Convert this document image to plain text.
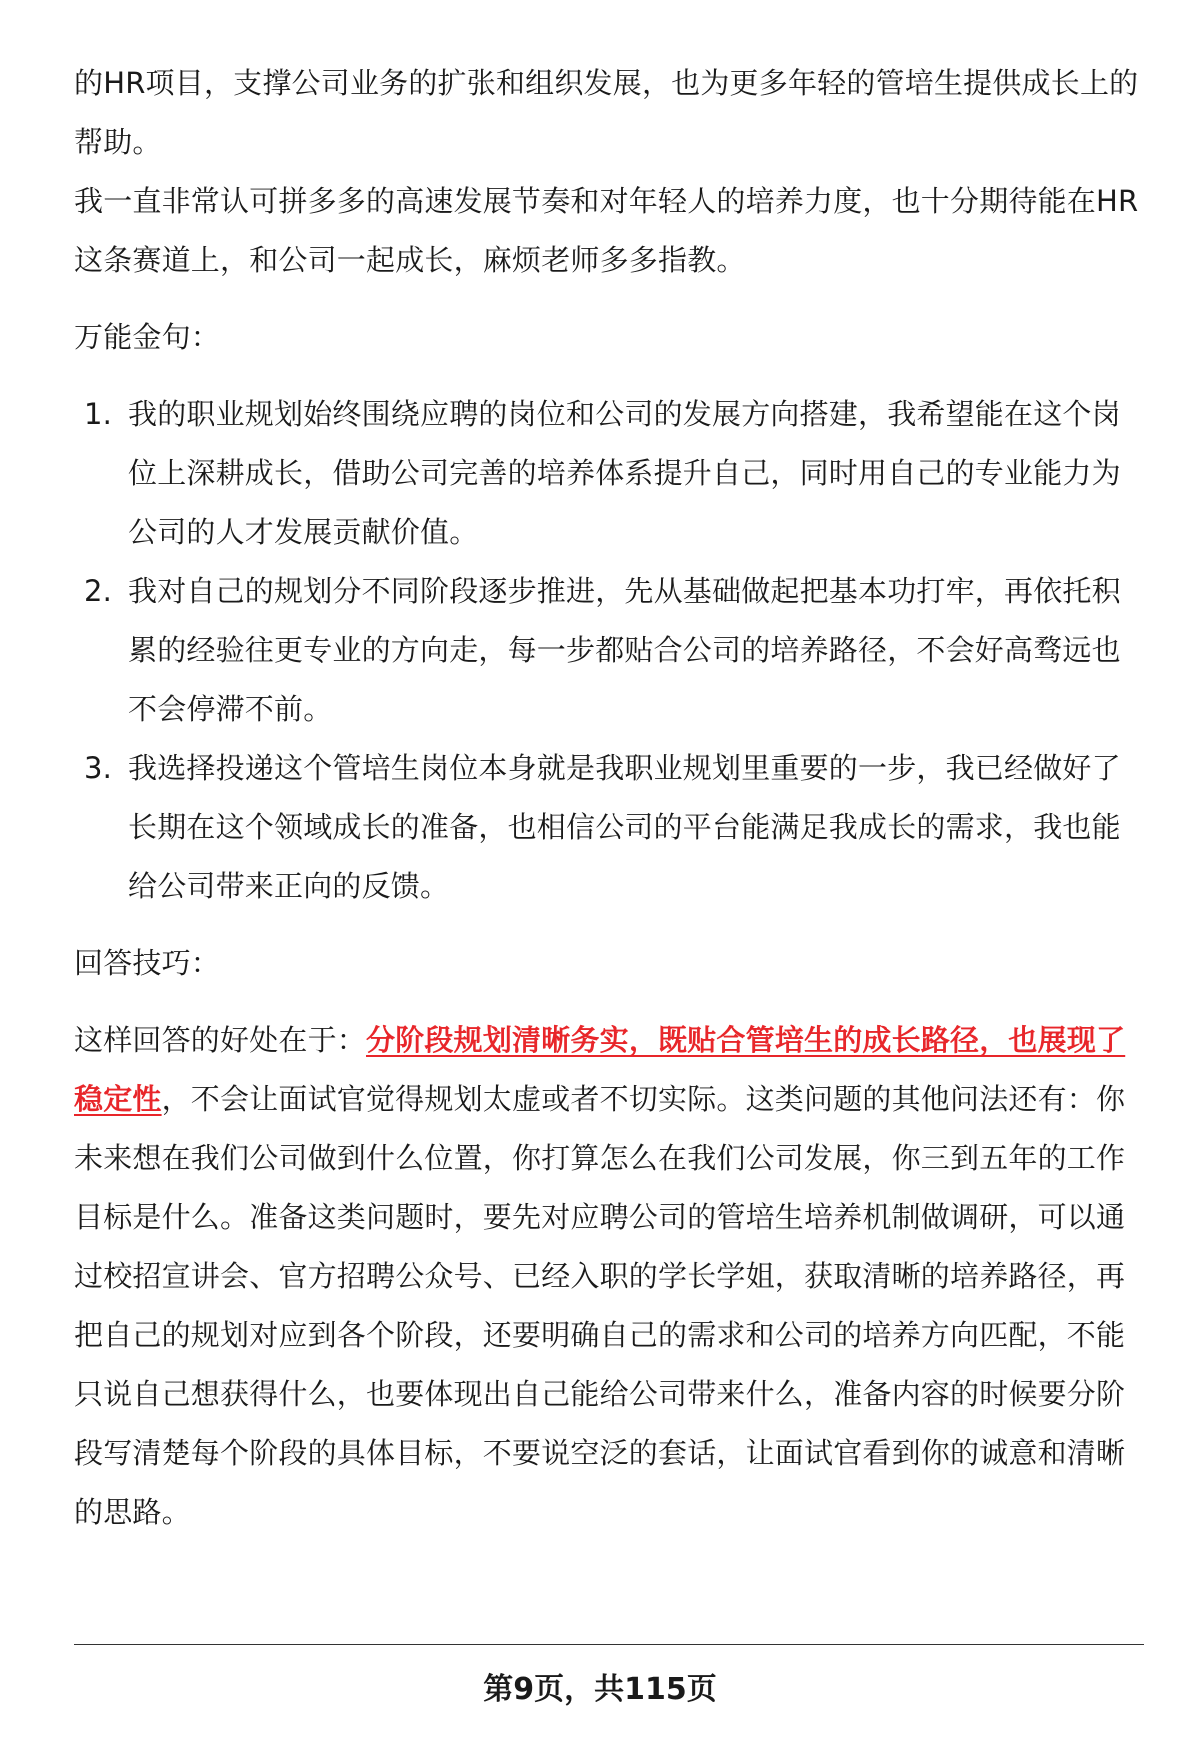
的HR项目，支撑公司业务的扩张和组织发展，也为更多年轻的管培生提供成长上的帮助。

我一直非常认可拼多多的高速发展节奏和对年轻人的培养力度，也十分期待能在HR这条赛道上，和公司一起成长，麻烦老师多多指教。

万能金句：

1. 我的职业规划始终围绕应聘的岗位和公司的发展方向搭建，我希望能在这个岗位上深耕成长，借助公司完善的培养体系提升自己，同时用自己的专业能力为公司的人才发展贡献价值。
2. 我对自己的规划分不同阶段逐步推进，先从基础做起把基本功打牢，再依托积累的经验往更专业的方向走，每一步都贴合公司的培养路径，不会好高骛远也不会停滞不前。
3. 我选择投递这个管培生岗位本身就是我职业规划里重要的一步，我已经做好了长期在这个领域成长的准备，也相信公司的平台能满足我成长的需求，我也能给公司带来正向的反馈。

回答技巧：

这样回答的好处在于：分阶段规划清晰务实，既贴合管培生的成长路径，也展现了稳定性，不会让面试官觉得规划太虚或者不切实际。这类问题的其他问法还有：你未来想在我们公司做到什么位置，你打算怎么在我们公司发展，你三到五年的工作目标是什么。准备这类问题时，要先对应聘公司的管培生培养机制做调研，可以通过校招宣讲会、官方招聘公众号、已经入职的学长学姐，获取清晰的培养路径，再把自己的规划对应到各个阶段，还要明确自己的需求和公司的培养方向匹配，不能只说自己想获得什么，也要体现出自己能给公司带来什么，准备内容的时候要分阶段写清楚每个阶段的具体目标，不要说空泛的套话，让面试官看到你的诚意和清晰的思路。

第9页，共115页
